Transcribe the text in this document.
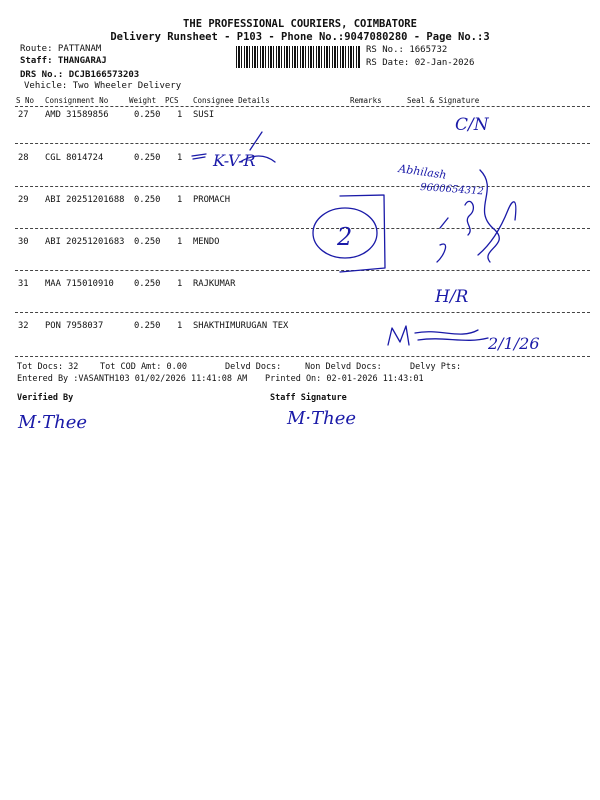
THE PROFESSIONAL COURIERS, COIMBATORE
Delivery Runsheet - P103 - Phone No.:9047080280 - Page No.:3
Route: PATTANAM
Staff: THANGARAJ
DRS No.: DCJB166573203
Vehicle: Two Wheeler Delivery
RS No.: 1665732
RS Date: 02-Jan-2026
S No Consignment No	Weight PCS Consignee Details	Remarks	Seal & Signature
27 AMD 31589856	0.250 1 SUSI
28 CGL 8014724	0.250 1
29 ABI 20251201688 0.250 1 PROMACH
30 ABI 20251201683 0.250 1 MENDO
31 MAA 715010910 0.250 1 RAJKUMAR
32 PON 7958037	0.250 1 SHAKTHIMURUGAN TEX
Tot Docs: 32	Tot COD Amt: 0.00	Delvd Docs:	Non Delvd Docs:	Delvy Pts:
Entered By :VASANTH103 01/02/2026 11:41:08 AM Printed On: 02-01-2026 11:43:01
Verified By	Staff Signature
C/N
K-V-R
Abhilash
9600654312
2
H/R
2/1/26
M·Thee	M·Thee
